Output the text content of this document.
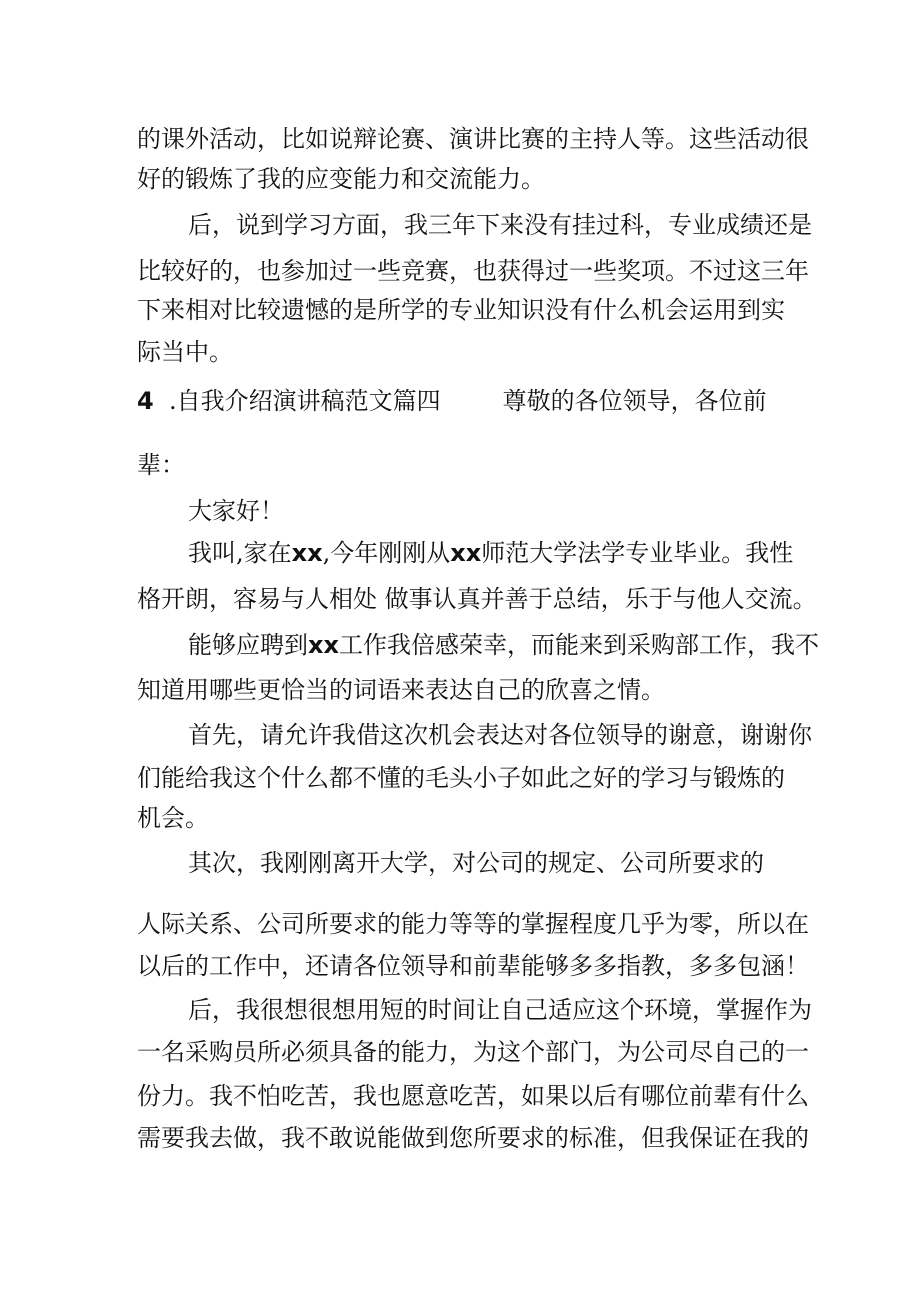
的课外活动，比如说辩论赛、演讲比赛的主持人等。这些活动很
好的锻炼了我的应变能力和交流能力。
后，说到学习方面，我三年下来没有挂过科，专业成绩还是
比较好的，也参加过一些竞赛，也获得过一些奖项。不过这三年
下来相对比较遗憾的是所学的专业知识没有什么机会运用到实
际当中。
4 .自我介绍演讲稿范文篇四	尊敬的各位领导，各位前
辈：
大家好！
我叫,家在xx,今年刚刚从xx师范大学法学专业毕业。我性
格开朗，容易与人相处 做事认真并善于总结，乐于与他人交流。
能够应聘到xx工作我倍感荣幸，而能来到采购部工作，我不
知道用哪些更恰当的词语来表达自己的欣喜之情。
首先，请允许我借这次机会表达对各位领导的谢意，谢谢你
们能给我这个什么都不懂的毛头小子如此之好的学习与锻炼的
机会。
其次，我刚刚离开大学，对公司的规定、公司所要求的
人际关系、公司所要求的能力等等的掌握程度几乎为零，所以在
以后的工作中，还请各位领导和前辈能够多多指教，多多包涵！
后，我很想很想用短的时间让自己适应这个环境，掌握作为
一名采购员所必须具备的能力，为这个部门，为公司尽自己的一
份力。我不怕吃苦，我也愿意吃苦，如果以后有哪位前辈有什么
需要我去做，我不敢说能做到您所要求的标准，但我保证在我的
